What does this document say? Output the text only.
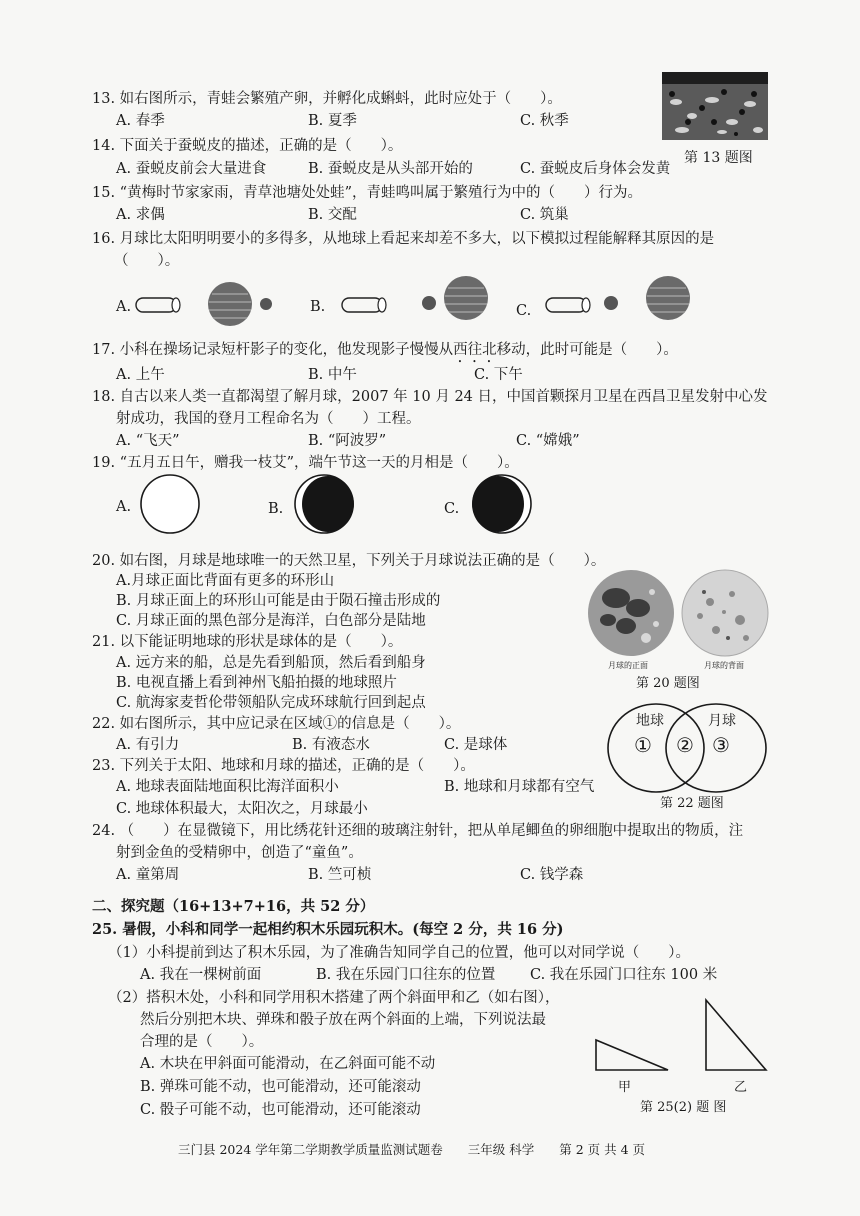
13. 如右图所示，青蛙会繁殖产卵，并孵化成蝌蚪，此时应处于（　　）。
A. 春季	B. 夏季	C. 秋季
第 13 题图
14. 下面关于蚕蜕皮的描述，正确的是（　　）。
A. 蚕蜕皮前会大量进食	B. 蚕蜕皮是从头部开始的	C. 蚕蜕皮后身体会发黄
15. “黄梅时节家家雨，青草池塘处处蛙”，青蛙鸣叫属于繁殖行为中的（　　）行为。
A. 求偶	B. 交配	C. 筑巢
16. 月球比太阳明明要小的多得多，从地球上看起来却差不多大，以下模拟过程能解释其原因的是
（　　）。
A.	B.	C.
17. 小科在操场记录短杆影子的变化，他发现影子慢慢从西往北移动，此时可能是（　　）。
A. 上午	B. 中午	C. 下午
18. 自古以来人类一直都渴望了解月球，2007 年 10 月 24 日，中国首颗探月卫星在西昌卫星发射中心发
射成功，我国的登月工程命名为（　　）工程。
A. “飞天”	B. “阿波罗”	C. “嫦娥”
19. “五月五日午，赠我一枝艾”，端午节这一天的月相是（　　）。
A.	B.	C.
20. 如右图，月球是地球唯一的天然卫星，下列关于月球说法正确的是（　　）。
A.月球正面比背面有更多的环形山
B. 月球正面上的环形山可能是由于陨石撞击形成的
C. 月球正面的黑色部分是海洋，白色部分是陆地
月球的正面	月球的背面
第 20 题图
21. 以下能证明地球的形状是球体的是（　　）。
A. 远方来的船，总是先看到船顶，然后看到船身
B. 电视直播上看到神州飞船拍摄的地球照片
C. 航海家麦哲伦带领船队完成环球航行回到起点
22. 如右图所示，其中应记录在区域①的信息是（　　）。
A. 有引力	B. 有液态水	C. 是球体
地球	月球
① ② ③
第 22 题图
23. 下列关于太阳、地球和月球的描述，正确的是（　　）。
A. 地球表面陆地面积比海洋面积小	B. 地球和月球都有空气
C. 地球体积最大，太阳次之，月球最小
24. （　　）在显微镜下，用比绣花针还细的玻璃注射针，把从单尾鲫鱼的卵细胞中提取出的物质，注
射到金鱼的受精卵中，创造了“童鱼”。
A. 童第周	B. 竺可桢	C. 钱学森
二、探究题（16+13+7+16，共 52 分）
25. 暑假，小科和同学一起相约积木乐园玩积木。(每空 2 分，共 16 分)
（1）小科提前到达了积木乐园，为了准确告知同学自己的位置，他可以对同学说（　　）。
A. 我在一棵树前面	B. 我在乐园门口往东的位置 C. 我在乐园门口往东 100 米
（2）搭积木处，小科和同学用积木搭建了两个斜面甲和乙（如右图），
然后分别把木块、弹珠和骰子放在两个斜面的上端，下列说法最
合理的是（　　）。
A. 木块在甲斜面可能滑动，在乙斜面可能不动
B. 弹珠可能不动，也可能滑动，还可能滚动
C. 骰子可能不动，也可能滑动，还可能滚动
甲	乙
第 25(2) 题 图
三门县 2024 学年第二学期教学质量监测试题卷　　三年级 科学　　第 2 页 共 4 页
